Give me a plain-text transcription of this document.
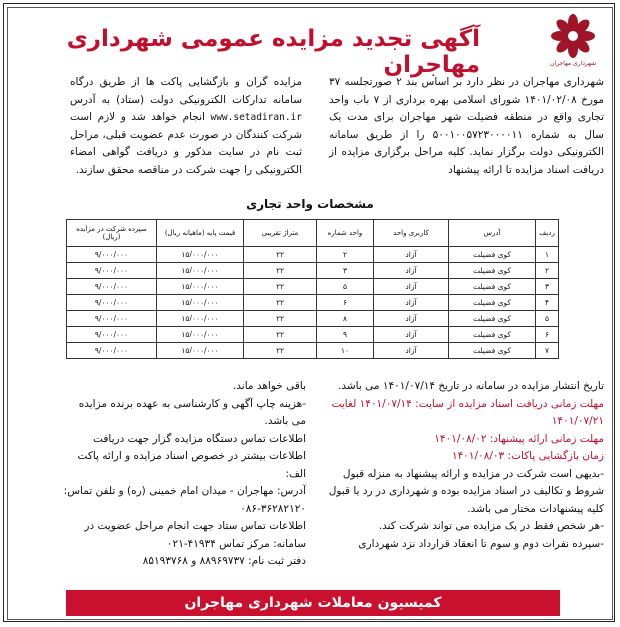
شهرداری مهاجران
آگهی تجدید مزایده عمومی شهرداری مهاجران
شهرداری مهاجران در نظر دارد بر اساس بند ۲ صورتجلسه ۳۷ مورخ ۱۴۰۱/۰۲/۰۸ شورای اسلامی بهره برداری از ۷ باب واحد تجاری واقع در منطقه فضیلت شهر مهاجران برای مدت یک سال به شماره ۵۰۰۱۰۰۵۷۲۳۰۰۰۰۱۱ را از طریق سامانه الکترونیکی دولت برگزار نماید. کلیه مراحل برگزاری مزایده از دریافت اسناد مزایده تا ارائه پیشنهاد
مزایده گران و بازگشایی پاکت ها از طریق درگاه سامانه تدارکات الکترونیکی دولت (ستاد) به آدرس www.setadiran.ir انجام خواهد شد و لازم است شرکت کنندگان در صورت عدم عضویت قبلی، مراحل ثبت نام در سایت مذکور و دریافت گواهی امضاء الکترونیکی را جهت شرکت در مناقصه محقق سازند.
مشخصات واحد تجاری
ردیف	آدرس	کاربری واحد	واحد شماره	متراژ تقریبی	قیمت پایه (ماهیانه ریال)	سپرده شرکت در مزایده (ریال)
۱	کوی فضیلت	آزاد	۲	۲۲	۱۵/۰۰۰/۰۰۰	۹/۰۰۰/۰۰۰
۲	کوی فضیلت	آزاد	۳	۲۲	۱۵/۰۰۰/۰۰۰	۹/۰۰۰/۰۰۰
۳	کوی فضیلت	آزاد	۵	۲۲	۱۵/۰۰۰/۰۰۰	۹/۰۰۰/۰۰۰
۴	کوی فضیلت	آزاد	۶	۲۲	۱۵/۰۰۰/۰۰۰	۹/۰۰۰/۰۰۰
۵	کوی فضیلت	آزاد	۸	۲۲	۱۵/۰۰۰/۰۰۰	۹/۰۰۰/۰۰۰
۶	کوی فضیلت	آزاد	۹	۲۲	۱۵/۰۰۰/۰۰۰	۹/۰۰۰/۰۰۰
۷	کوی فضیلت	آزاد	۱۰	۲۲	۱۵/۰۰۰/۰۰۰	۹/۰۰۰/۰۰۰
تاریخ انتشار مزایده در سامانه در تاریخ ۱۴۰۱/۰۷/۱۴ می باشد.
مهلت زمانی دریافت اسناد مزایده از سایت: ۱۴۰۱/۰۷/۱۴ لغایت ۱۴۰۱/۰۷/۲۱
مهلت زمانی ارائه پیشنهاد: ۱۴۰۱/۰۸/۰۲
زمان بازگشایی پاکات: ۱۴۰۱/۰۸/۰۳
-بدیهی است شرکت در مزایده و ارائه پیشنهاد به منزله قبول شروط و تکالیف در اسناد مزایده بوده و شهرداری در رد یا قبول کلیه پیشنهادات مختار می باشد.
-هر شخص فقط در یک مزایده می تواند شرکت کند.
-سپرده نفرات دوم و سوم تا انعقاد قرارداد نزد شهرداری
باقی خواهد ماند.
-هزینه چاپ آگهی و کارشناسی به عهده برنده مزایده می باشد.
اطلاعات تماس دستگاه مزایده گزار جهت دریافت اطلاعات بیشتر در خصوص اسناد مزایده و ارائه پاکت الف:
آدرس: مهاجران - میدان امام خمینی (ره) و تلفن تماس: ۳۶۲۸۲۱۲۰-۰۸۶
اطلاعات تماس ستاد جهت انجام مراحل عضویت در سامانه: مرکز تماس ۴۱۹۳۴-۰۲۱
دفتر ثبت نام: ۸۸۹۶۹۷۳۷ و ۸۵۱۹۳۷۶۸
کمیسیون معاملات شهرداری مهاجران
